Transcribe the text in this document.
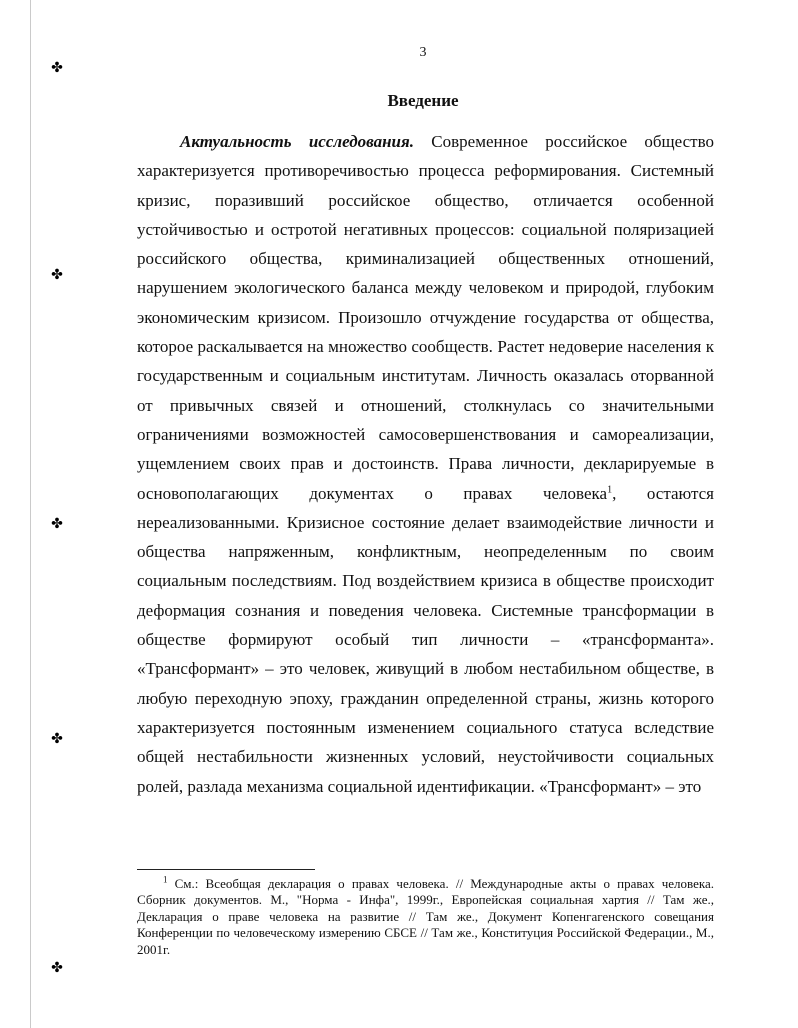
✤
✤
✤
✤
✤
3
Введение

Актуальность исследования. Современное российское общество характеризуется противоречивостью процесса реформирования. Системный кризис, поразивший российское общество, отличается особенной устойчивостью и остротой негативных процессов: социальной поляризацией российского общества, криминализацией общественных отношений, нарушением экологического баланса между человеком и природой, глубоким экономическим кризисом. Произошло отчуждение государства от общества, которое раскалывается на множество сообществ. Растет недоверие населения к государственным и социальным институтам. Личность оказалась оторванной от привычных связей и отношений, столкнулась со значительными ограничениями возможностей самосовершенствования и самореализации, ущемлением своих прав и достоинств. Права личности, декларируемые в основополагающих документах о правах человека$^1$, остаются нереализованными. Кризисное состояние делает взаимодействие личности и общества напряженным, конфликтным, неопределенным по своим социальным последствиям. Под воздействием кризиса в обществе происходит деформация сознания и поведения человека. Системные трансформации в обществе формируют особый тип личности – «трансформанта». «Трансформант» – это человек, живущий в любом нестабильном обществе, в любую переходную эпоху, гражданин определенной страны, жизнь которого характеризуется постоянным изменением социального статуса вследствие общей нестабильности жизненных условий, неустойчивости социальных ролей, разлада механизма социальной идентификации. «Трансформант» – это

$^1$ См.: Всеобщая декларация о правах человека. // Международные акты о правах человека. Сборник документов. М., "Норма - Инфа", 1999г., Европейская социальная хартия // Там же., Декларация о праве человека на развитие // Там же., Документ Копенгагенского совещания Конференции по человеческому измерению СБСЕ // Там же., Конституция Российской Федерации., М., 2001г.
